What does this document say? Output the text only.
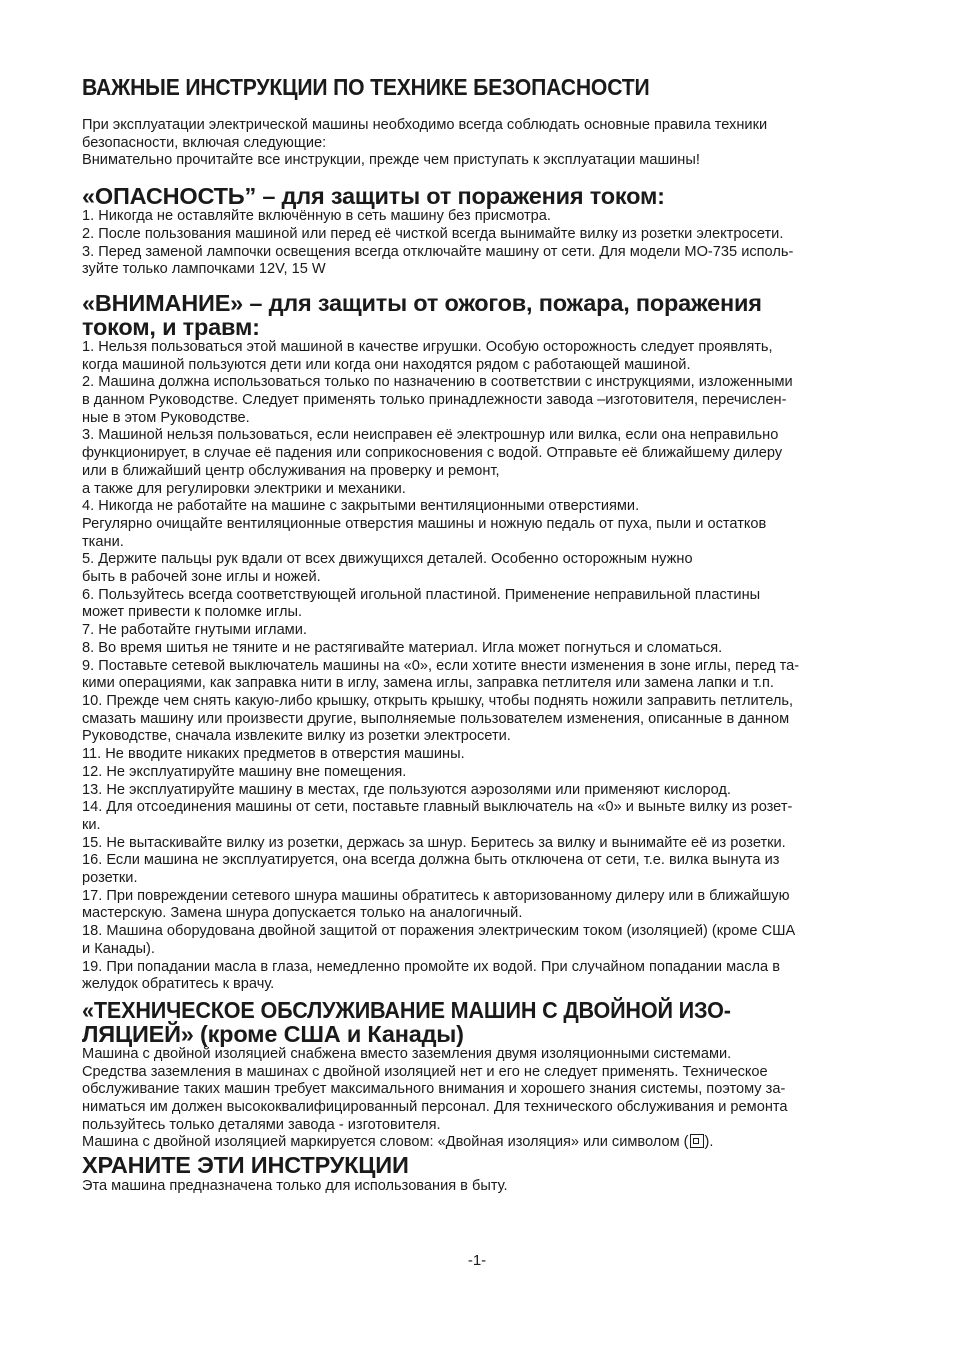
ВАЖНЫЕ ИНСТРУКЦИИ ПО ТЕХНИКЕ БЕЗОПАСНОСТИ

При эксплуатации электрической машины необходимо всегда соблюдать основные правила техники

безопасности, включая следующие:

Внимательно прочитайте все инструкции, прежде чем приступать к эксплуатации машины!

«ОПАСНОСТЬ” – для защиты от поражения током:

1. Никогда не оставляйте включённую в сеть машину без присмотра.

2. После пользования машиной или перед её чисткой всегда вынимайте вилку из розетки электросети.

3. Перед заменой лампочки освещения всегда отключайте машину от сети. Для модели МО-735 исполь-

зуйте только лампочками 12V, 15 W

«ВНИМАНИЕ» – для защиты от ожогов, пожара, поражения
током, и травм:

1. Нельзя пользоваться этой машиной в качестве игрушки. Особую осторожность следует проявлять,

когда машиной пользуются дети или когда они находятся рядом с работающей машиной.

2. Машина должна использоваться только по назначению в соответствии с инструкциями, изложенными

в данном Руководстве. Следует применять только принадлежности завода –изготовителя, перечислен-

ные в этом Руководстве.

3. Машиной нельзя пользоваться, если неисправен её электрошнур или вилка, если она неправильно

функционирует, в случае её падения или соприкосновения с водой. Отправьте её ближайшему дилеру

или в ближайший центр обслуживания на проверку и ремонт,

а также для регулировки электрики и механики.

4. Никогда не работайте на машине с закрытыми вентиляционными отверстиями.

Регулярно очищайте вентиляционные отверстия машины и ножную педаль от пуха, пыли и остатков

ткани.

5. Держите пальцы рук вдали от всех движущихся деталей. Особенно осторожным нужно

быть в рабочей зоне иглы и ножей.

6. Пользуйтесь всегда соответствующей игольной пластиной. Применение неправильной пластины

может привести к поломке иглы.

7. Не работайте гнутыми иглами.

8. Во время шитья не тяните и не растягивайте материал. Игла может погнуться и сломаться.

9. Поставьте сетевой выключатель машины на «0», если хотите внести изменения в зоне иглы, перед та-

кими операциями, как заправка нити в иглу, замена иглы, заправка петлителя или замена лапки и т.п.

10. Прежде чем снять какую-либо крышку, открыть крышку, чтобы поднять ножили заправить петлитель,

смазать машину или произвести другие, выполняемые пользователем изменения, описанные в данном

Руководстве, сначала извлеките вилку из розетки электросети.

11. Не вводите никаких предметов в отверстия машины.

12. Не эксплуатируйте машину вне помещения.

13. Не эксплуатируйте машину в местах, где пользуются аэрозолями или применяют кислород.

14. Для отсоединения машины от сети, поставьте главный выключатель на «0» и выньте вилку из розет-

ки.

15. Не вытаскивайте вилку из розетки, держась за шнур. Беритесь за вилку и вынимайте её из розетки.

16. Если машина не эксплуатируется, она всегда должна быть отключена от сети, т.е. вилка вынута из

розетки.

17. При повреждении сетевого шнура машины обратитесь к авторизованному дилеру или в ближайшую

мастерскую. Замена шнура допускается только на аналогичный.

18. Машина оборудована двойной защитой от поражения электрическим током (изоляцией) (кроме США

и Канады).

19. При попадании масла в глаза, немедленно промойте их водой. При случайном попадании масла в

желудок обратитесь к врачу.

«ТЕХНИЧЕСКОЕ ОБСЛУЖИВАНИЕ МАШИН С ДВОЙНОЙ ИЗО-
ЛЯЦИЕЙ» (кроме США и Канады)

Машина с двойной изоляцией снабжена вместо заземления двумя изоляционными системами.

Средства заземления в машинах с двойной изоляцией нет и его не следует применять. Техническое

обслуживание таких машин требует максимального внимания и хорошего знания системы, поэтому за-

ниматься им должен высококвалифицированный персонал. Для технического обслуживания и ремонта

пользуйтесь только деталями завода - изготовителя.

Машина с двойной изоляцией маркируется словом: «Двойная изоляция» или символом ( ).

ХРАНИТЕ ЭТИ ИНСТРУКЦИИ

Эта машина предназначена только для использования в быту.

-1-
